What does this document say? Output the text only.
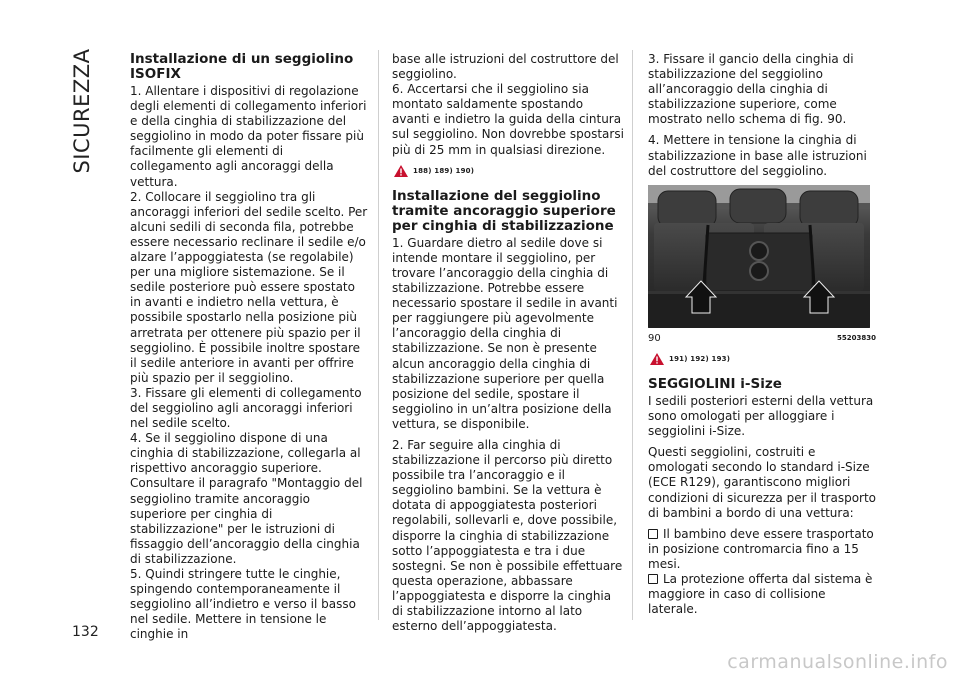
SICUREZZA	Installazione di un seggiolino ISOFIX

1. Allentare i dispositivi di regolazione degli elementi di collegamento inferiori e della cinghia di stabilizzazione del seggiolino in modo da poter fissare più facilmente gli elementi di collegamento agli ancoraggi della vettura.

2. Collocare il seggiolino tra gli ancoraggi inferiori del sedile scelto. Per alcuni sedili di seconda fila, potrebbe essere necessario reclinare il sedile e/o alzare l’appoggiatesta (se regolabile) per una migliore sistemazione. Se il sedile posteriore può essere spostato in avanti e indietro nella vettura, è possibile spostarlo nella posizione più arretrata per ottenere più spazio per il seggiolino. È possibile inoltre spostare il sedile anteriore in avanti per offrire più spazio per il seggiolino.

3. Fissare gli elementi di collegamento del seggiolino agli ancoraggi inferiori nel sedile scelto.

4. Se il seggiolino dispone di una cinghia di stabilizzazione, collegarla al rispettivo ancoraggio superiore. Consultare il paragrafo "Montaggio del seggiolino tramite ancoraggio superiore per cinghia di stabilizzazione" per le istruzioni di fissaggio dell’ancoraggio della cinghia di stabilizzazione.

5. Quindi stringere tutte le cinghie, spingendo contemporaneamente il seggiolino all’indietro e verso il basso nel sedile. Mettere in tensione le cinghie in

base alle istruzioni del costruttore del seggiolino.

6. Accertarsi che il seggiolino sia montato saldamente spostando avanti e indietro la guida della cintura sul seggiolino. Non dovrebbe spostarsi più di 25 mm in qualsiasi direzione.

188) 189) 190)
Installazione del seggiolino tramite ancoraggio superiore per cinghia di stabilizzazione

1. Guardare dietro al sedile dove si intende montare il seggiolino, per trovare l’ancoraggio della cinghia di stabilizzazione. Potrebbe essere necessario spostare il sedile in avanti per raggiungere più agevolmente l’ancoraggio della cinghia di stabilizzazione. Se non è presente alcun ancoraggio della cinghia di stabilizzazione superiore per quella posizione del sedile, spostare il seggiolino in un’altra posizione della vettura, se disponibile.

2. Far seguire alla cinghia di stabilizzazione il percorso più diretto possibile tra l’ancoraggio e il seggiolino bambini. Se la vettura è dotata di appoggiatesta posteriori regolabili, sollevarli e, dove possibile, disporre la cinghia di stabilizzazione sotto l’appoggiatesta e tra i due sostegni. Se non è possibile effettuare questa operazione, abbassare l’appoggiatesta e disporre la cinghia di stabilizzazione intorno al lato esterno dell’appoggiatesta.

3. Fissare il gancio della cinghia di stabilizzazione del seggiolino all’ancoraggio della cinghia di stabilizzazione superiore, come mostrato nello schema di fig. 90.

4. Mettere in tensione la cinghia di stabilizzazione in base alle istruzioni del costruttore del seggiolino.

90	55203830
191) 192) 193)
SEGGIOLINI i-Size

I sedili posteriori esterni della vettura sono omologati per alloggiare i seggiolini i-Size.

Questi seggiolini, costruiti e omologati secondo lo standard i-Size (ECE R129), garantiscono migliori condizioni di sicurezza per il trasporto di bambini a bordo di una vettura:

Il bambino deve essere trasportato in posizione contromarcia fino a 15 mesi.
La protezione offerta dal sistema è maggiore in caso di collisione laterale.
132
carmanualsonline.info
